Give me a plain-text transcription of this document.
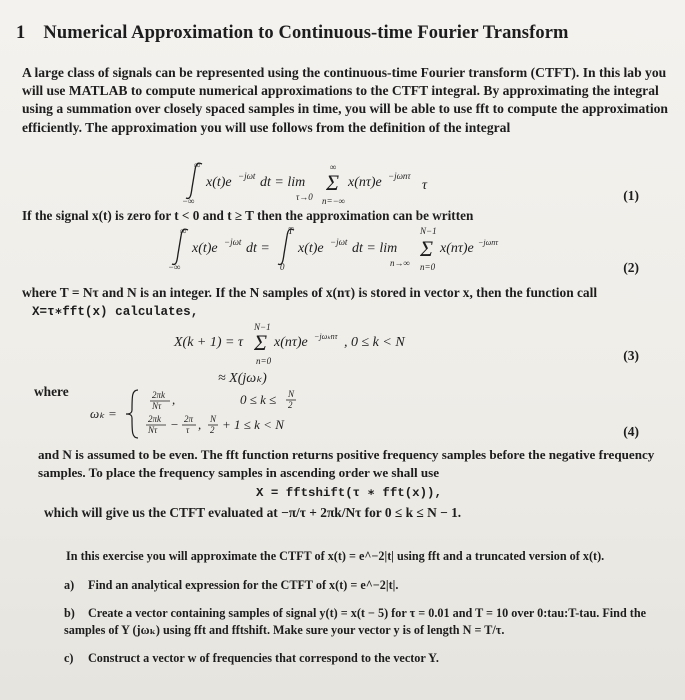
1 Numerical Approximation to Continuous-time Fourier Transform
A large class of signals can be represented using the continuous-time Fourier transform (CTFT). In this lab you will use MATLAB to compute numerical approximations to the CTFT integral. By approximating the integral using a summation over closely spaced samples in time, you will be able to use fft to compute the approximation efficiently. The approximation you will use follows from the definition of the integral
∞
−∞
x(t)e −jωt dt = lim
τ→0
Σ
∞
n=−∞
x(nτ)e −jωnτ
τ
(1)
If the signal x(t) is zero for t < 0 and t ≥ T then the approximation can be written
∞
−∞
x(t)e −jωt dt =
T
0
x(t)e −jωt dt = lim
n→∞
Σ
N−1
n=0
x(nτ)e −jωnτ
(2)
where T = Nτ and N is an integer. If the N samples of x(nτ) is stored in vector x, then the function call
X=τ∗fft(x) calculates,
X(k + 1) = τ Σ
N−1
n=0
x(nτ)e −jωₖnτ , 0 ≤ k < N
≈ X(jωₖ)
(3)
where
ωₖ =
2πk
Nτ ,	0 ≤ k ≤ N
2
2πk
Nτ − 2π
τ , N
2 + 1 ≤ k < N	(4)
and N is assumed to be even. The fft function returns positive frequency samples before the negative frequency samples. To place the frequency samples in ascending order we shall use
X = fftshift(τ ∗ fft(x)),
which will give us the CTFT evaluated at −π/τ + 2πk/Nτ for 0 ≤ k ≤ N − 1.
In this exercise you will approximate the CTFT of x(t) = e^−2|t| using fft and a truncated version of x(t).
a) Find an analytical expression for the CTFT of x(t) = e^−2|t|.
b) Create a vector containing samples of signal y(t) = x(t − 5) for τ = 0.01 and T = 10 over 0:tau:T-tau. Find the samples of Y (jωₖ) using fft and fftshift. Make sure your vector y is of length N = T/τ.
c) Construct a vector w of frequencies that correspond to the vector Y.
